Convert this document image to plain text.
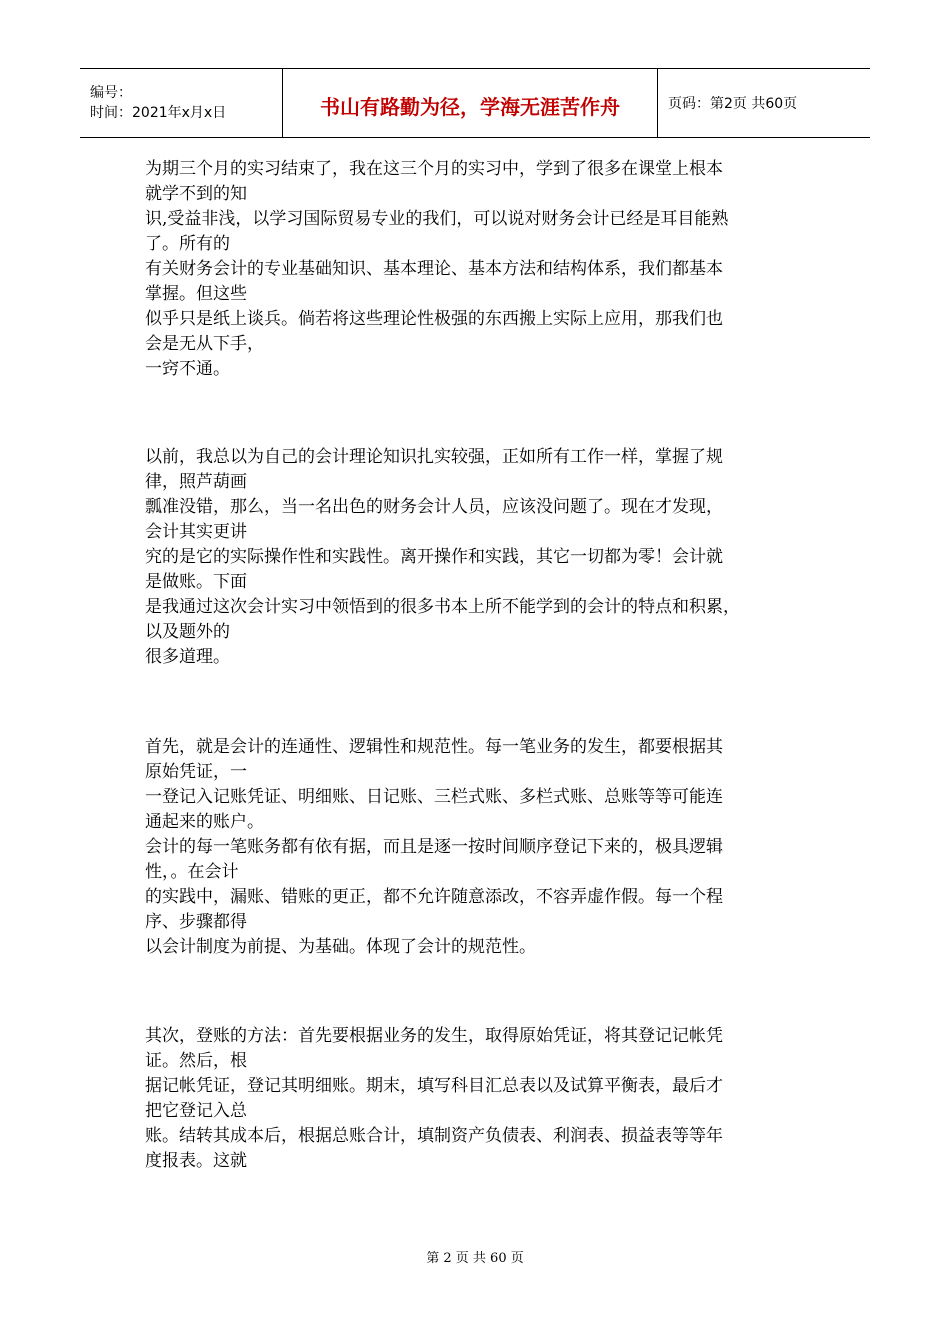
编号：
时间：2021年x月x日	书山有路勤为径，学海无涯苦作舟	页码：第2页 共60页

为期三个月的实习结束了，我在这三个月的实习中，学到了很多在课堂上根本
就学不到的知
识,受益非浅，以学习国际贸易专业的我们，可以说对财务会计已经是耳目能熟
了。所有的
有关财务会计的专业基础知识、基本理论、基本方法和结构体系，我们都基本
掌握。但这些
似乎只是纸上谈兵。倘若将这些理论性极强的东西搬上实际上应用，那我们也
会是无从下手，
一窍不通。

以前，我总以为自己的会计理论知识扎实较强，正如所有工作一样，掌握了规
律，照芦葫画
瓢准没错，那么，当一名出色的财务会计人员，应该没问题了。现在才发现，
会计其实更讲
究的是它的实际操作性和实践性。离开操作和实践，其它一切都为零！会计就
是做账。下面
是我通过这次会计实习中领悟到的很多书本上所不能学到的会计的特点和积累，
以及题外的
很多道理。

首先，就是会计的连通性、逻辑性和规范性。每一笔业务的发生，都要根据其
原始凭证，一
一登记入记账凭证、明细账、日记账、三栏式账、多栏式账、总账等等可能连
通起来的账户。
会计的每一笔账务都有依有据，而且是逐一按时间顺序登记下来的，极具逻辑
性，。在会计
的实践中，漏账、错账的更正，都不允许随意添改，不容弄虚作假。每一个程
序、步骤都得
以会计制度为前提、为基础。体现了会计的规范性。

其次，登账的方法：首先要根据业务的发生，取得原始凭证，将其登记记帐凭
证。然后，根
据记帐凭证，登记其明细账。期末，填写科目汇总表以及试算平衡表，最后才
把它登记入总
账。结转其成本后，根据总账合计，填制资产负债表、利润表、损益表等等年
度报表。这就

第 2 页 共 60 页
